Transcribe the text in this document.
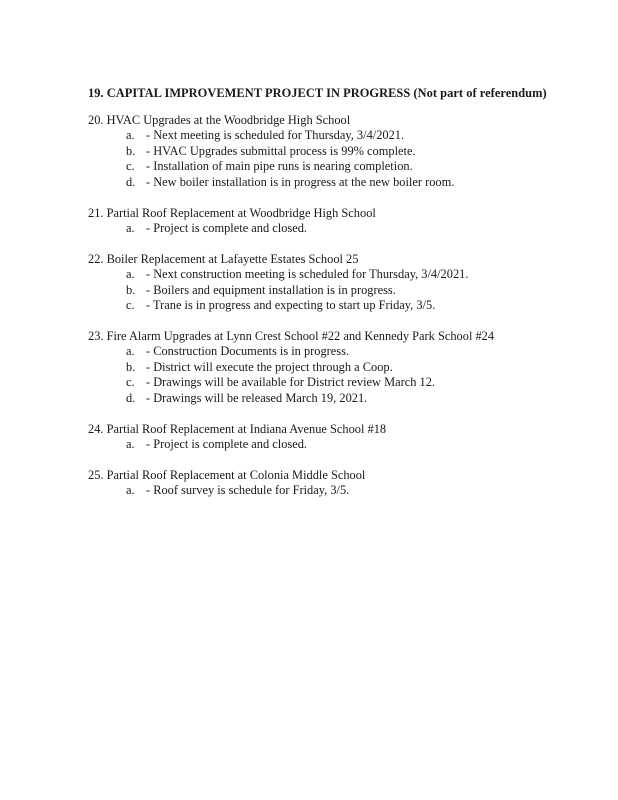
19. CAPITAL IMPROVEMENT PROJECT IN PROGRESS (Not part of referendum)
20. HVAC Upgrades at the Woodbridge High School
a. - Next meeting is scheduled for Thursday, 3/4/2021.
b. - HVAC Upgrades submittal process is 99% complete.
c. - Installation of main pipe runs is nearing completion.
d. - New boiler installation is in progress at the new boiler room.
21. Partial Roof Replacement at Woodbridge High School
a. - Project is complete and closed.
22. Boiler Replacement at Lafayette Estates School 25
a. - Next construction meeting is scheduled for Thursday, 3/4/2021.
b. - Boilers and equipment installation is in progress.
c. - Trane is in progress and expecting to start up Friday, 3/5.
23. Fire Alarm Upgrades at Lynn Crest School #22 and Kennedy Park School #24
a. - Construction Documents is in progress.
b. - District will execute the project through a Coop.
c. - Drawings will be available for District review March 12.
d. - Drawings will be released March 19, 2021.
24. Partial Roof Replacement at Indiana Avenue School #18
a. - Project is complete and closed.
25. Partial Roof Replacement at Colonia Middle School
a. - Roof survey is schedule for Friday, 3/5.
